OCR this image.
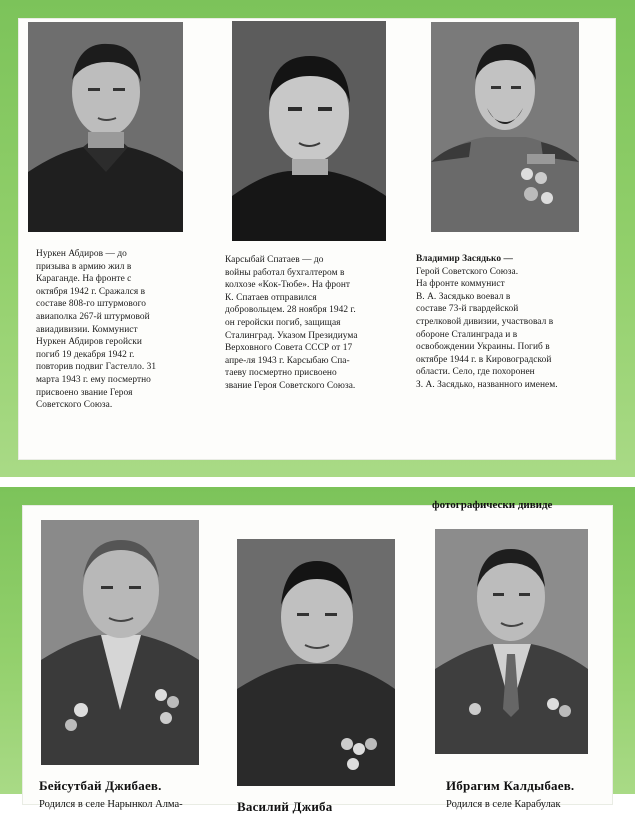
Нуркен Абдиров — до
призыва в армию жил в
Караганде. На фронте с
октября 1942 г. Сражался в
составе 808-го штурмового
авиаполка 267-й штурмовой
авиадивизии. Коммунист
Нуркен Абдиров геройски
погиб 19 декабря 1942 г.
повторив подвиг Гастелло. 31
марта 1943 г. ему посмертно
присвоено звание Героя
Советского Союза.
Карсыбай Спатаев — до
войны работал бухгалтером в
колхозе «Кок-Тюбе». На фронт
К. Спатаев отправился
добровольцем. 28 ноября 1942 г.
он геройски погиб, защищая
Сталинград. Указом Президиума
Верховного Совета СССР от 17
апре-ля 1943 г. Карсыбаю Спа-
таеву посмертно присвоено
звание Героя Советского Союза.
Владимир Засядько —
Герой Советского Союза.
На фронте коммунист
В. А. Засядько воевал в
составе 73-й гвардейской
стрелковой дивизии, участвовал в
обороне Сталинграда и в
освобождении Украины. Погиб в
октябре 1944 г. в Кировоградской
области. Село, где похоронен
З. А. Засядько, названного именем.
фотографически дивиде
Бейсутбай Джибаев.
Родился в селе Нарынкол Алма-	Василий Джиба
Ибрагим Калдыбаев.
Родился в селе Карабулак
